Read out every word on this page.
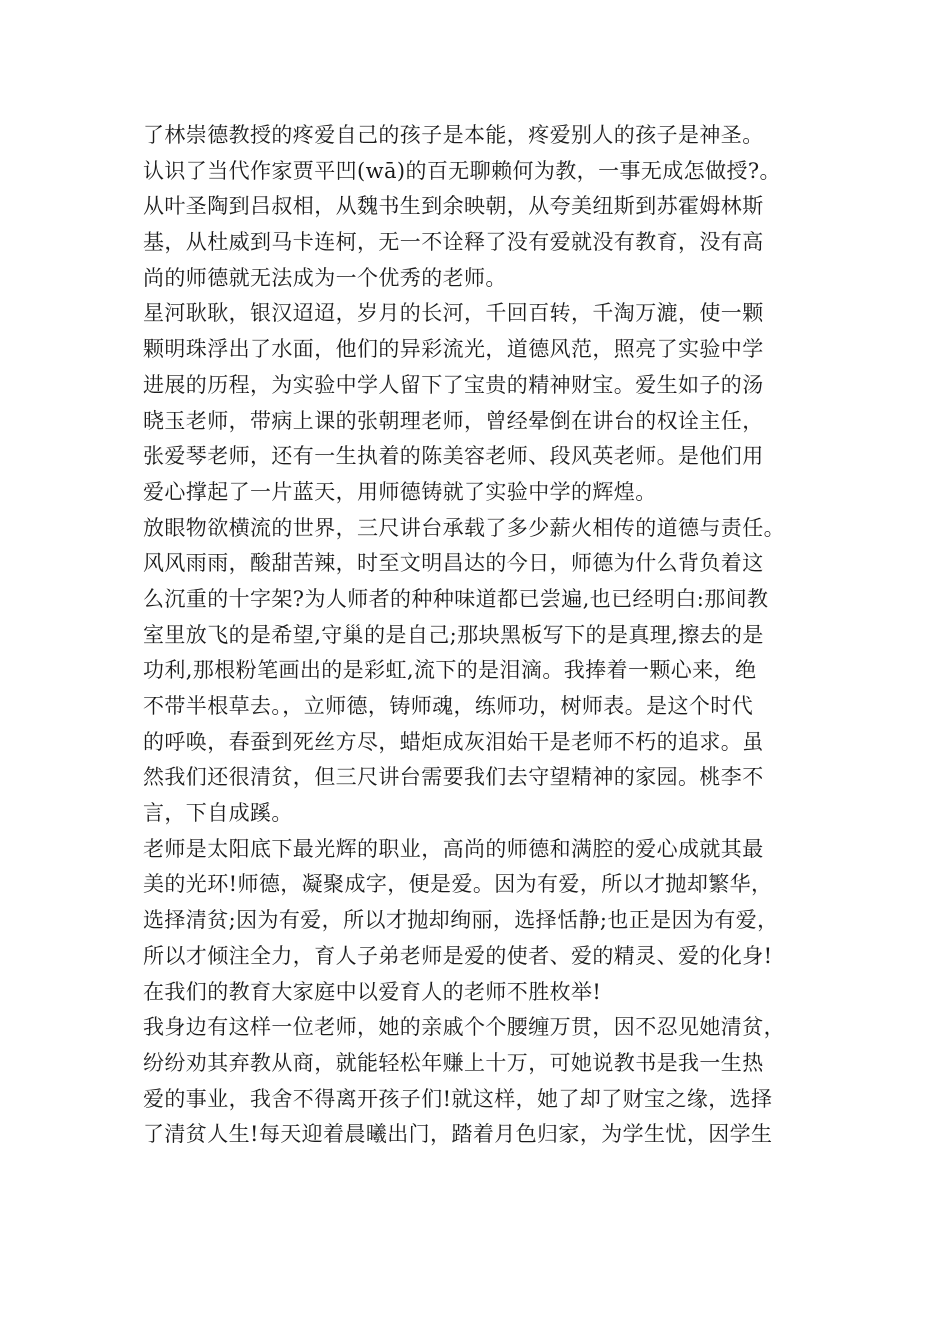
了林崇德教授的疼爱自己的孩子是本能，疼爱别人的孩子是神圣。
认识了当代作家贾平凹(wā)的百无聊赖何为教，一事无成怎做授?。
从叶圣陶到吕叔相，从魏书生到余映朝，从夸美纽斯到苏霍姆林斯
基，从杜威到马卡连柯，无一不诠释了没有爱就没有教育，没有高
尚的师德就无法成为一个优秀的老师。
星河耿耿，银汉迢迢，岁月的长河，千回百转，千淘万漉，使一颗
颗明珠浮出了水面，他们的异彩流光，道德风范，照亮了实验中学
进展的历程，为实验中学人留下了宝贵的精神财宝。爱生如子的汤
晓玉老师，带病上课的张朝理老师，曾经晕倒在讲台的权诠主任，
张爱琴老师，还有一生执着的陈美容老师、段风英老师。是他们用
爱心撑起了一片蓝天，用师德铸就了实验中学的辉煌。
放眼物欲横流的世界，三尺讲台承载了多少薪火相传的道德与责任。
风风雨雨，酸甜苦辣，时至文明昌达的今日，师德为什么背负着这
么沉重的十字架?为人师者的种种味道都已尝遍,也已经明白:那间教
室里放飞的是希望,守巢的是自己;那块黑板写下的是真理,擦去的是
功利,那根粉笔画出的是彩虹,流下的是泪滴。我捧着一颗心来，绝
不带半根草去。，立师德，铸师魂，练师功，树师表。是这个时代
的呼唤，春蚕到死丝方尽，蜡炬成灰泪始干是老师不朽的追求。虽
然我们还很清贫，但三尺讲台需要我们去守望精神的家园。桃李不
言，下自成蹊。
老师是太阳底下最光辉的职业，高尚的师德和满腔的爱心成就其最
美的光环!师德，凝聚成字，便是爱。因为有爱，所以才抛却繁华，
选择清贫;因为有爱，所以才抛却绚丽，选择恬静;也正是因为有爱，
所以才倾注全力，育人子弟老师是爱的使者、爱的精灵、爱的化身!
在我们的教育大家庭中以爱育人的老师不胜枚举!
我身边有这样一位老师，她的亲戚个个腰缠万贯，因不忍见她清贫，
纷纷劝其弃教从商，就能轻松年赚上十万，可她说教书是我一生热
爱的事业，我舍不得离开孩子们!就这样，她了却了财宝之缘，选择
了清贫人生!每天迎着晨曦出门，踏着月色归家，为学生忧，因学生
